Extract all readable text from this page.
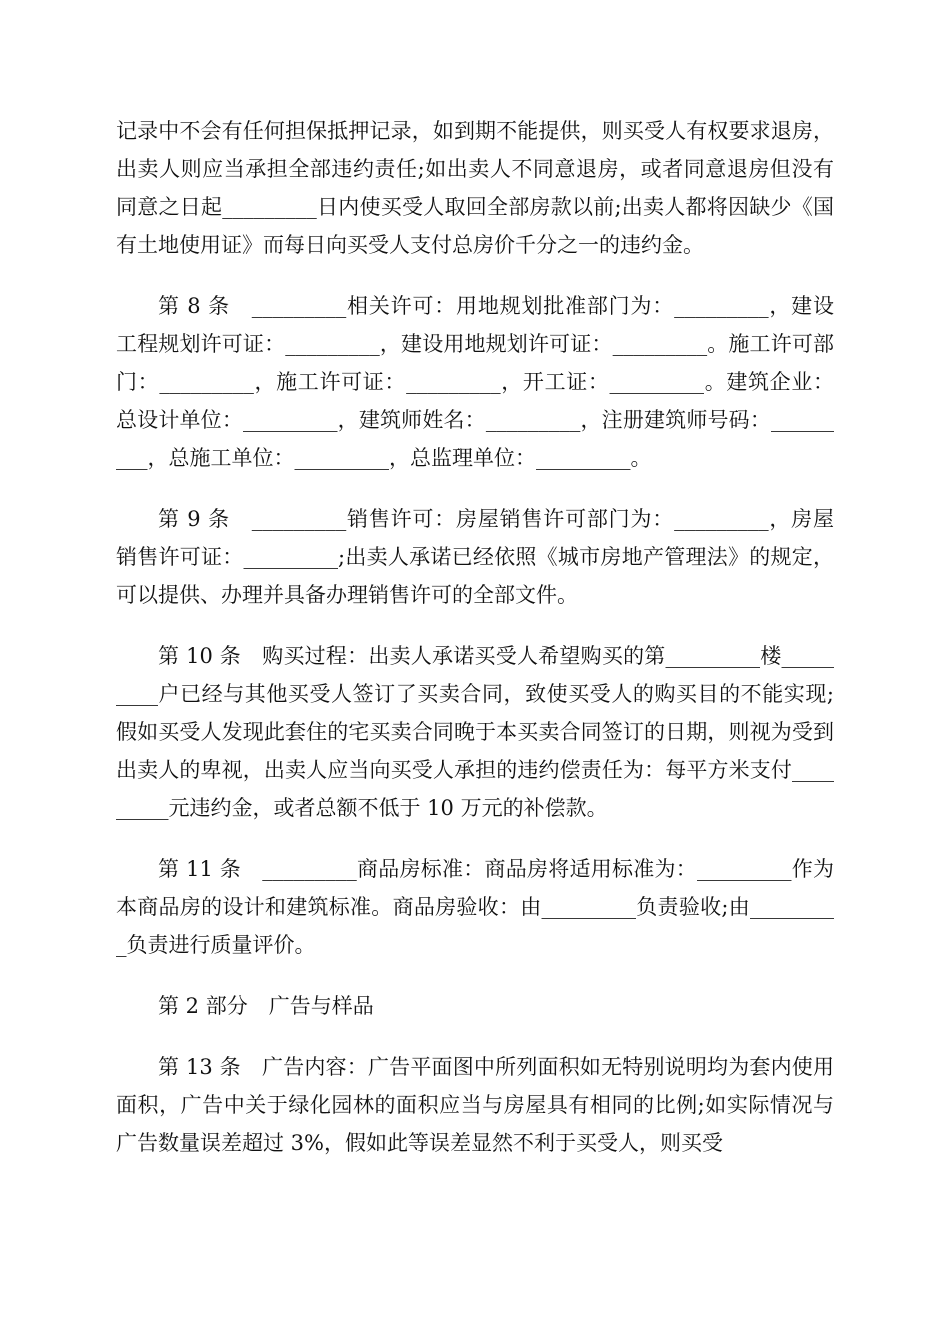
记录中不会有任何担保抵押记录，如到期不能提供，则买受人有权要求退房，出卖人则应当承担全部违约责任;如出卖人不同意退房，或者同意退房但没有同意之日起_________日内使买受人取回全部房款以前;出卖人都将因缺少《国有土地使用证》而每日向买受人支付总房价千分之一的违约金。

第 8 条　_________相关许可：用地规划批准部门为：_________，建设工程规划许可证：_________，建设用地规划许可证：_________。施工许可部门：_________，施工许可证：_________，开工证：_________。建筑企业：总设计单位：_________，建筑师姓名：_________，注册建筑师号码：_________，总施工单位：_________，总监理单位：_________。

第 9 条　_________销售许可：房屋销售许可部门为：_________，房屋销售许可证：_________;出卖人承诺已经依照《城市房地产管理法》的规定，可以提供、办理并具备办理销售许可的全部文件。

第 10 条　购买过程：出卖人承诺买受人希望购买的第_________楼_________户已经与其他买受人签订了买卖合同，致使买受人的购买目的不能实现;假如买受人发现此套住的宅买卖合同晚于本买卖合同签订的日期，则视为受到出卖人的卑视，出卖人应当向买受人承担的违约偿责任为：每平方米支付_________元违约金，或者总额不低于 10 万元的补偿款。

第 11 条　_________商品房标准：商品房将适用标准为：_________作为本商品房的设计和建筑标准。商品房验收：由_________负责验收;由_________负责进行质量评价。

第 2 部分　广告与样品

第 13 条　广告内容：广告平面图中所列面积如无特别说明均为套内使用面积，广告中关于绿化园林的面积应当与房屋具有相同的比例;如实际情况与广告数量误差超过 3%，假如此等误差显然不利于买受人，则买受
